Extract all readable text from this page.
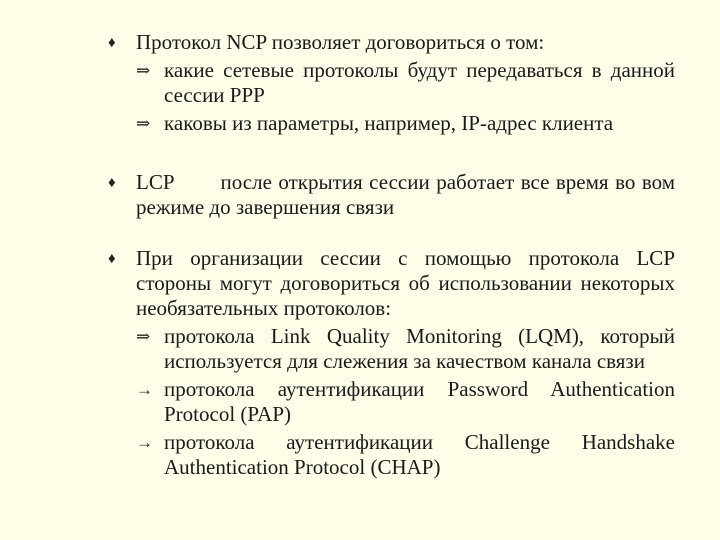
♦ Протокол NCP позволяет договориться о том:
⇒ какие сетевые протоколы будут передаваться в данной сессии PPP
⇒ каковы из параметры, например, IP-адрес клиента
♦ LCP после открытия сессии работает все время во вом режиме до завершения связи
♦ При организации сессии с помощью протокола LCP стороны могут договориться об использовании некоторых необязательных протоколов:
⇒ протокола Link Quality Monitoring (LQM), который используется для слежения за качеством канала связи
→ протокола аутентификации Password Authentication Protocol (PAP)
→ протокола аутентификации Challenge Handshake Authentication Protocol (CHAP)
